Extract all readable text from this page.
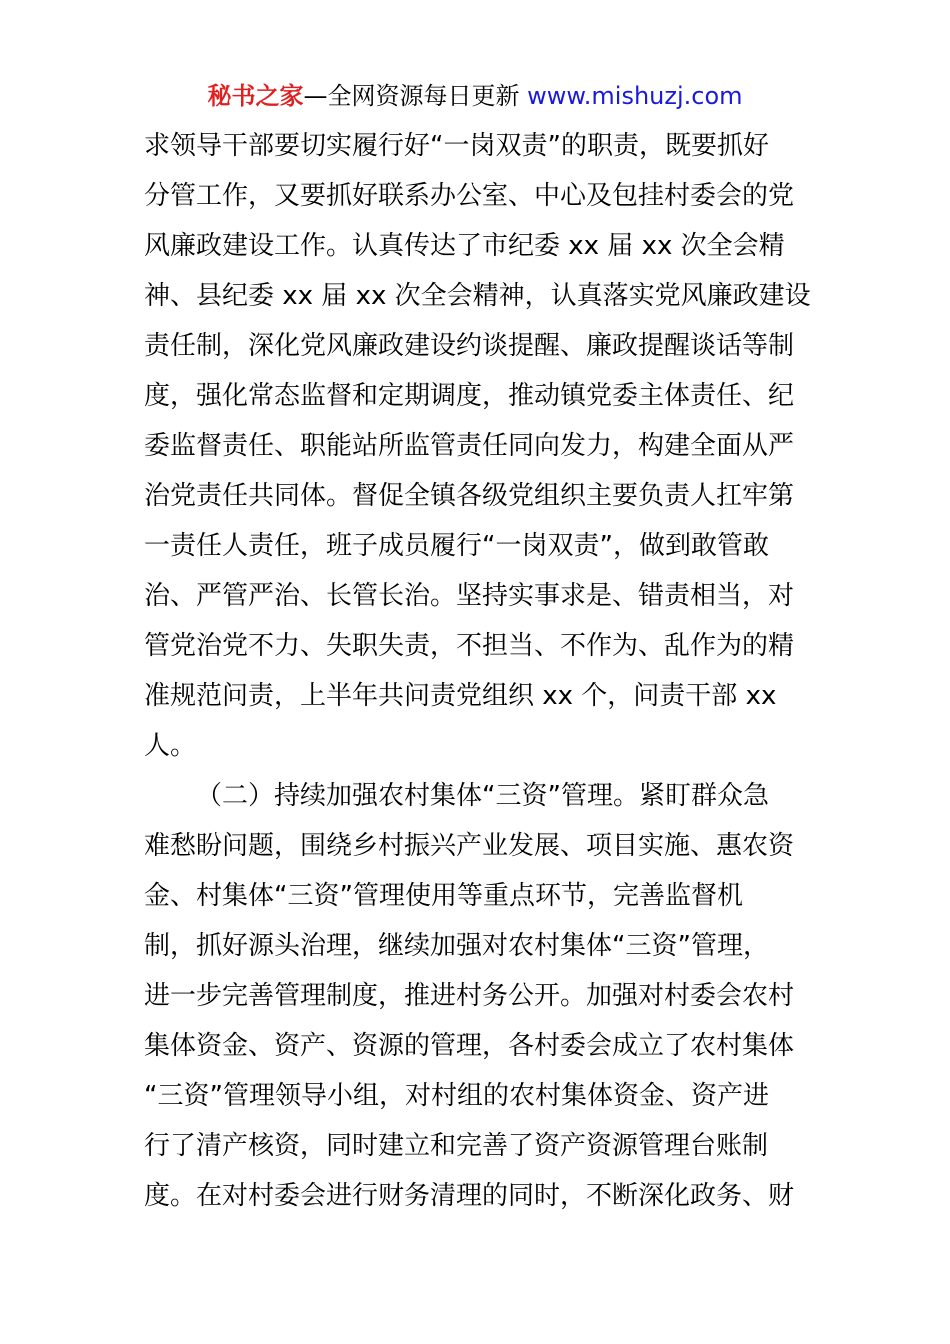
秘书之家—全网资源每日更新 www.mishuzj.com
求领导干部要切实履行好“一岗双责”的职责，既要抓好
分管工作，又要抓好联系办公室、中心及包挂村委会的党
风廉政建设工作。认真传达了市纪委 xx 届 xx 次全会精
神、县纪委 xx 届 xx 次全会精神，认真落实党风廉政建设
责任制，深化党风廉政建设约谈提醒、廉政提醒谈话等制
度，强化常态监督和定期调度，推动镇党委主体责任、纪
委监督责任、职能站所监管责任同向发力，构建全面从严
治党责任共同体。督促全镇各级党组织主要负责人扛牢第
一责任人责任，班子成员履行“一岗双责”，做到敢管敢
治、严管严治、长管长治。坚持实事求是、错责相当，对
管党治党不力、失职失责，不担当、不作为、乱作为的精
准规范问责，上半年共问责党组织 xx 个，问责干部 xx
人。
（二）持续加强农村集体“三资”管理。紧盯群众急
难愁盼问题，围绕乡村振兴产业发展、项目实施、惠农资
金、村集体“三资”管理使用等重点环节，完善监督机
制，抓好源头治理，继续加强对农村集体“三资”管理，
进一步完善管理制度，推进村务公开。加强对村委会农村
集体资金、资产、资源的管理，各村委会成立了农村集体
“三资”管理领导小组，对村组的农村集体资金、资产进
行了清产核资，同时建立和完善了资产资源管理台账制
度。在对村委会进行财务清理的同时，不断深化政务、财
